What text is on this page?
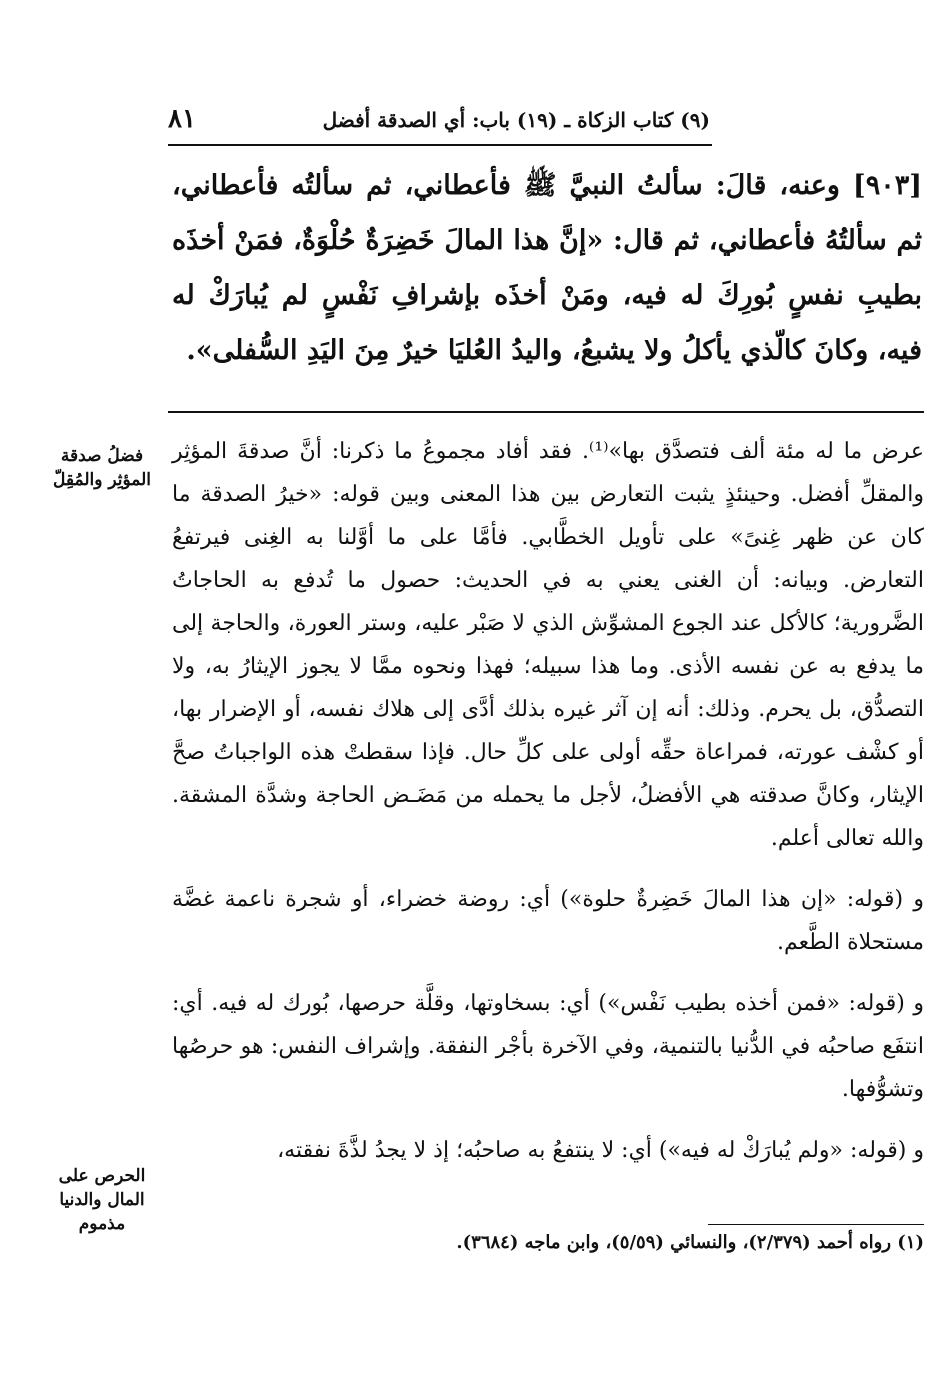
(٩) كتاب الزكاة ـ (١٩) باب: أي الصدقة أفضل
٨١
[٩٠٣] وعنه، قالَ: سألتُ النبيَّ ﷺ فأعطاني، ثم سألتُه فأعطاني، ثم سألتُهُ فأعطاني، ثم قال: «إنَّ هذا المالَ خَضِرَةٌ حُلْوَةٌ، فمَنْ أخذَه بطيبِ نفسٍ بُورِكَ له فيه، ومَنْ أخذَه بإشرافِ نَفْسٍ لم يُبارَكْ له فيه، وكانَ كالّذي يأكلُ ولا يشبعُ، واليدُ العُليَا خيرٌ مِنَ اليَدِ السُّفلى».

عرض ما له مئة ألف فتصدَّق بها»⁽¹⁾. فقد أفاد مجموعُ ما ذكرنا: أنَّ صدقةَ المؤثِر والمقلِّ أفضل. وحينئذٍ يثبت التعارض بين هذا المعنى وبين قوله: «خيرُ الصدقة ما كان عن ظهر غِنىً» على تأويل الخطَّابي. فأمَّا على ما أوَّلنا به الغِنى فيرتفعُ التعارض. وبيانه: أن الغنى يعني به في الحديث: حصول ما تُدفع به الحاجاتُ الضَّرورية؛ كالأكل عند الجوع المشوِّش الذي لا صَبْر عليه، وستر العورة، والحاجة إلى ما يدفع به عن نفسه الأذى. وما هذا سبيله؛ فهذا ونحوه ممَّا لا يجوز الإيثارُ به، ولا التصدُّق، بل يحرم. وذلك: أنه إن آثر غيره بذلك أدَّى إلى هلاك نفسه، أو الإضرار بها، أو كشْف عورته، فمراعاة حقِّه أولى على كلِّ حال. فإذا سقطتْ هذه الواجباتُ صحَّ الإيثار، وكانَّ صدقته هي الأفضلُ، لأجل ما يحمله من مَضَـض الحاجة وشدَّة المشقة. والله تعالى أعلم.

و (قوله: «إن هذا المالَ خَضِرةٌ حلوة») أي: روضة خضراء، أو شجرة ناعمة غضَّة مستحلاة الطَّعم.

و (قوله: «فمن أخذه بطيب نَفْس») أي: بسخاوتها، وقلَّة حرصها، بُورك له فيه. أي: انتفَع صاحبُه في الدُّنيا بالتنمية، وفي الآخرة بأجْر النفقة. وإشراف النفس: هو حرصُها وتشوُّفها.

و (قوله: «ولم يُبارَكْ له فيه») أي: لا ينتفعُ به صاحبُه؛ إذ لا يجدُ لذَّةَ نفقته،

فضلُ صدقة المؤثِر والمُقِلّ
الحرص على المال والدنيا مذموم
(١) رواه أحمد (٢/٣٧٩)، والنسائي (٥/٥٩)، وابن ماجه (٣٦٨٤).
